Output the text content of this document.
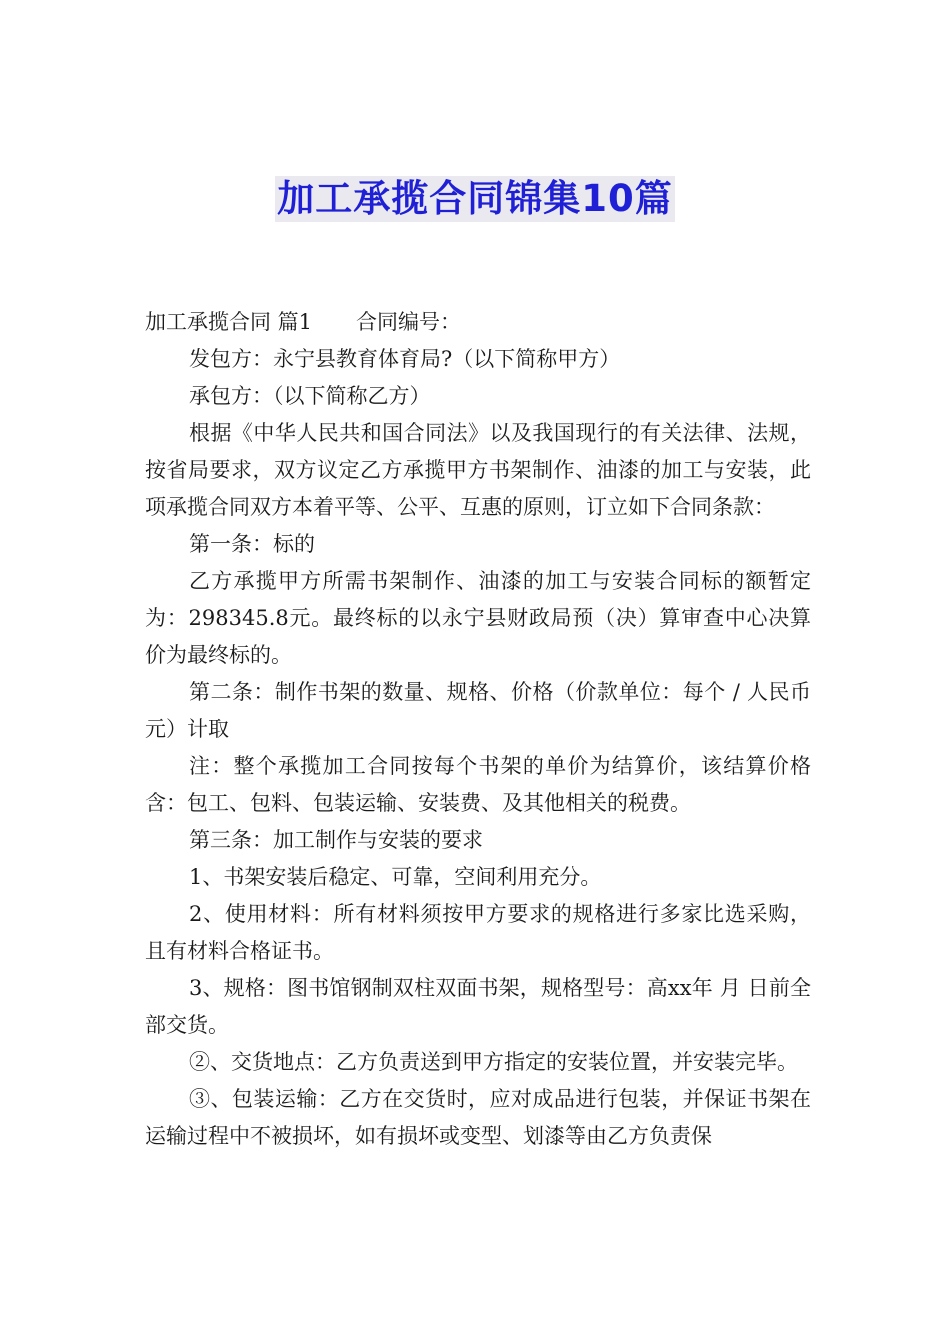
加工承揽合同锦集10篇

加工承揽合同 篇1 合同编号：

发包方：永宁县教育体育局?（以下简称甲方）

承包方：（以下简称乙方）

根据《中华人民共和国合同法》以及我国现行的有关法律、法规，按省局要求，双方议定乙方承揽甲方书架制作、油漆的加工与安装，此项承揽合同双方本着平等、公平、互惠的原则，订立如下合同条款：

第一条：标的

乙方承揽甲方所需书架制作、油漆的加工与安装合同标的额暂定为：298345.8元。最终标的以永宁县财政局预（决）算审查中心决算价为最终标的。

第二条：制作书架的数量、规格、价格（价款单位：每个 / 人民币元）计取

注：整个承揽加工合同按每个书架的单价为结算价，该结算价格含：包工、包料、包装运输、安装费、及其他相关的税费。

第三条：加工制作与安装的要求

1、书架安装后稳定、可靠，空间利用充分。

2、使用材料：所有材料须按甲方要求的规格进行多家比选采购，且有材料合格证书。

3、规格：图书馆钢制双柱双面书架，规格型号：高xx年 月 日前全部交货。

②、交货地点：乙方负责送到甲方指定的安装位置，并安装完毕。

③、包装运输：乙方在交货时，应对成品进行包装，并保证书架在运输过程中不被损坏，如有损坏或变型、划漆等由乙方负责保
